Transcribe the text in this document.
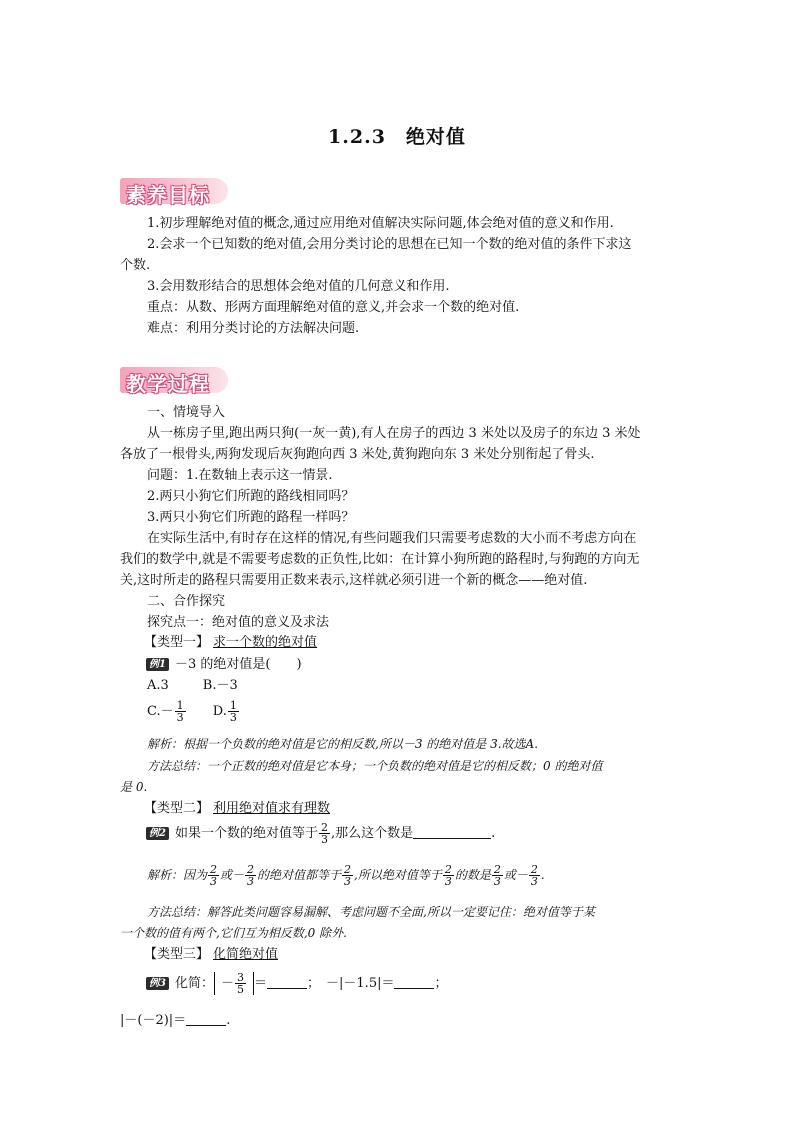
1.2.3　绝对值
素养目标
1.初步理解绝对值的概念,通过应用绝对值解决实际问题,体会绝对值的意义和作用.
2.会求一个已知数的绝对值,会用分类讨论的思想在已知一个数的绝对值的条件下求这
个数.
3.会用数形结合的思想体会绝对值的几何意义和作用.
重点：从数、形两方面理解绝对值的意义,并会求一个数的绝对值.
难点：利用分类讨论的方法解决问题.
教学过程
一、情境导入
从一栋房子里,跑出两只狗(一灰一黄),有人在房子的西边 3 米处以及房子的东边 3 米处
各放了一根骨头,两狗发现后灰狗跑向西 3 米处,黄狗跑向东 3 米处分别衔起了骨头.
问题：1.在数轴上表示这一情景.
2.两只小狗它们所跑的路线相同吗？
3.两只小狗它们所跑的路程一样吗？
在实际生活中,有时存在这样的情况,有些问题我们只需要考虑数的大小而不考虑方向在
我们的数学中,就是不需要考虑数的正负性,比如：在计算小狗所跑的路程时,与狗跑的方向无
关,这时所走的路程只需要用正数来表示,这样就必须引进一个新的概念——绝对值.
二、合作探究
探究点一：绝对值的意义及求法
【类型一】 求一个数的绝对值
例1 －3 的绝对值是(　　)
A.3	B.－3
$C.- \frac{1}{3} D$. $\frac{1}{3}$
解析：根据一个负数的绝对值是它的相反数,所以－3 的绝对值是 3.故选A.
方法总结：一个正数的绝对值是它本身；一个负数的绝对值是它的相反数；0 的绝对值
是 0.
【类型二】 利用绝对值求有理数
例2 如果一个数的绝对值等于 $\frac{2}{3}$ ,那么这个数是	.
解析：因为 $\frac{2}{3}$ 或－ $\frac{2}{3}$ 的绝对值都等于 $\frac{2}{3}$ ,所以绝对值等于 $\frac{2}{3}$ 的数是 $\frac{2}{3}$ 或－ $\frac{2}{3}$ .
方法总结：解答此类问题容易漏解、考虑问题不全面,所以一定要记住：绝对值等于某
一个数的值有两个,它们互为相反数,0 除外.
【类型三】 化简绝对值
例3 化简： － $\frac{3}{5}$ ＝	； －|－1.5|＝	；
|－(－2)|＝	.
